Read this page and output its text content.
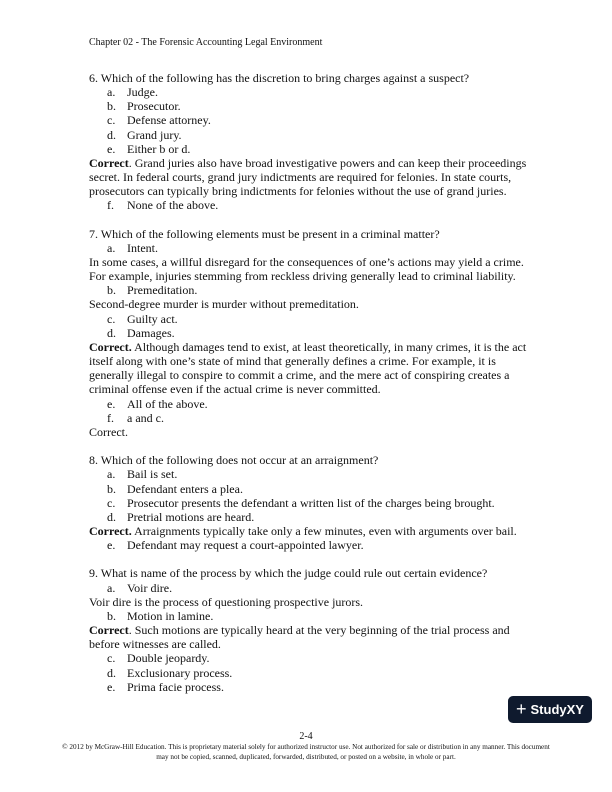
Chapter 02 - The Forensic Accounting Legal Environment
6. Which of the following has the discretion to bring charges against a suspect?
a. Judge.
b. Prosecutor.
c. Defense attorney.
d. Grand jury.
e. Either b or d.
Correct. Grand juries also have broad investigative powers and can keep their proceedings secret. In federal courts, grand jury indictments are required for felonies. In state courts, prosecutors can typically bring indictments for felonies without the use of grand juries.
f.	None of the above.
7. Which of the following elements must be present in a criminal matter?
a. Intent.
In some cases, a willful disregard for the consequences of one’s actions may yield a crime. For example, injuries stemming from reckless driving generally lead to criminal liability.
b. Premeditation.
Second-degree murder is murder without premeditation.
c. Guilty act.
d. Damages.
Correct. Although damages tend to exist, at least theoretically, in many crimes, it is the act itself along with one’s state of mind that generally defines a crime. For example, it is generally illegal to conspire to commit a crime, and the mere act of conspiring creates a criminal offense even if the actual crime is never committed.
e. All of the above.
f.	a and c.
Correct.
8. Which of the following does not occur at an arraignment?
a. Bail is set.
b. Defendant enters a plea.
c. Prosecutor presents the defendant a written list of the charges being brought.
d. Pretrial motions are heard.
Correct. Arraignments typically take only a few minutes, even with arguments over bail.
e. Defendant may request a court-appointed lawyer.
9. What is name of the process by which the judge could rule out certain evidence?
a. Voir dire.
Voir dire is the process of questioning prospective jurors.
b. Motion in lamine.
Correct. Such motions are typically heard at the very beginning of the trial process and before witnesses are called.
c. Double jeopardy.
d. Exclusionary process.
e. Prima facie process.
2-4
© 2012 by McGraw-Hill Education. This is proprietary material solely for authorized instructor use. Not authorized for sale or distribution in any manner. This document may not be copied, scanned, duplicated, forwarded, distributed, or posted on a website, in whole or part.
+ StudyXY
